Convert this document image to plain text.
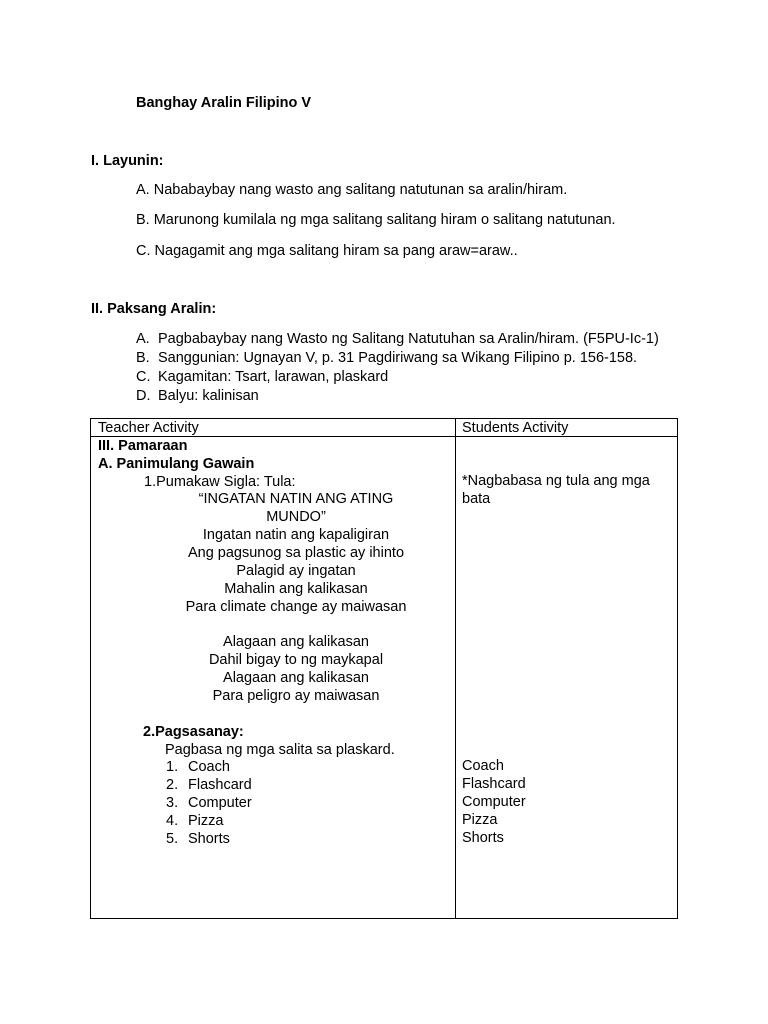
Banghay Aralin Filipino V
I. Layunin:
A. Nababaybay nang wasto ang salitang natutunan sa aralin/hiram.
B. Marunong kumilala ng mga salitang salitang hiram o salitang natutunan.
C. Nagagamit ang mga salitang hiram sa pang araw=araw..
II. Paksang Aralin:
A. Pagbabaybay nang Wasto ng Salitang Natutuhan sa Aralin/hiram. (F5PU-Ic-1)
B. Sanggunian: Ugnayan V, p. 31 Pagdiriwang sa Wikang Filipino p. 156-158.
C. Kagamitan: Tsart, larawan, plaskard
D. Balyu: kalinisan
Teacher Activity	Students Activity
III. Pamaraan
A. Panimulang Gawain
1.Pumakaw Sigla: Tula:
“INGATAN NATIN ANG ATING
MUNDO”
Ingatan natin ang kapaligiran
Ang pagsunog sa plastic ay ihinto
Palagid ay ingatan
Mahalin ang kalikasan
Para climate change ay maiwasan
Alagaan ang kalikasan
Dahil bigay to ng maykapal
Alagaan ang kalikasan
Para peligro ay maiwasan
2.Pagsasanay:
Pagbasa ng mga salita sa plaskard.
1. Coach
2. Flashcard
3. Computer
4. Pizza
5. Shorts
*Nagbabasa ng tula ang mga
bata
Coach
Flashcard
Computer
Pizza
Shorts
